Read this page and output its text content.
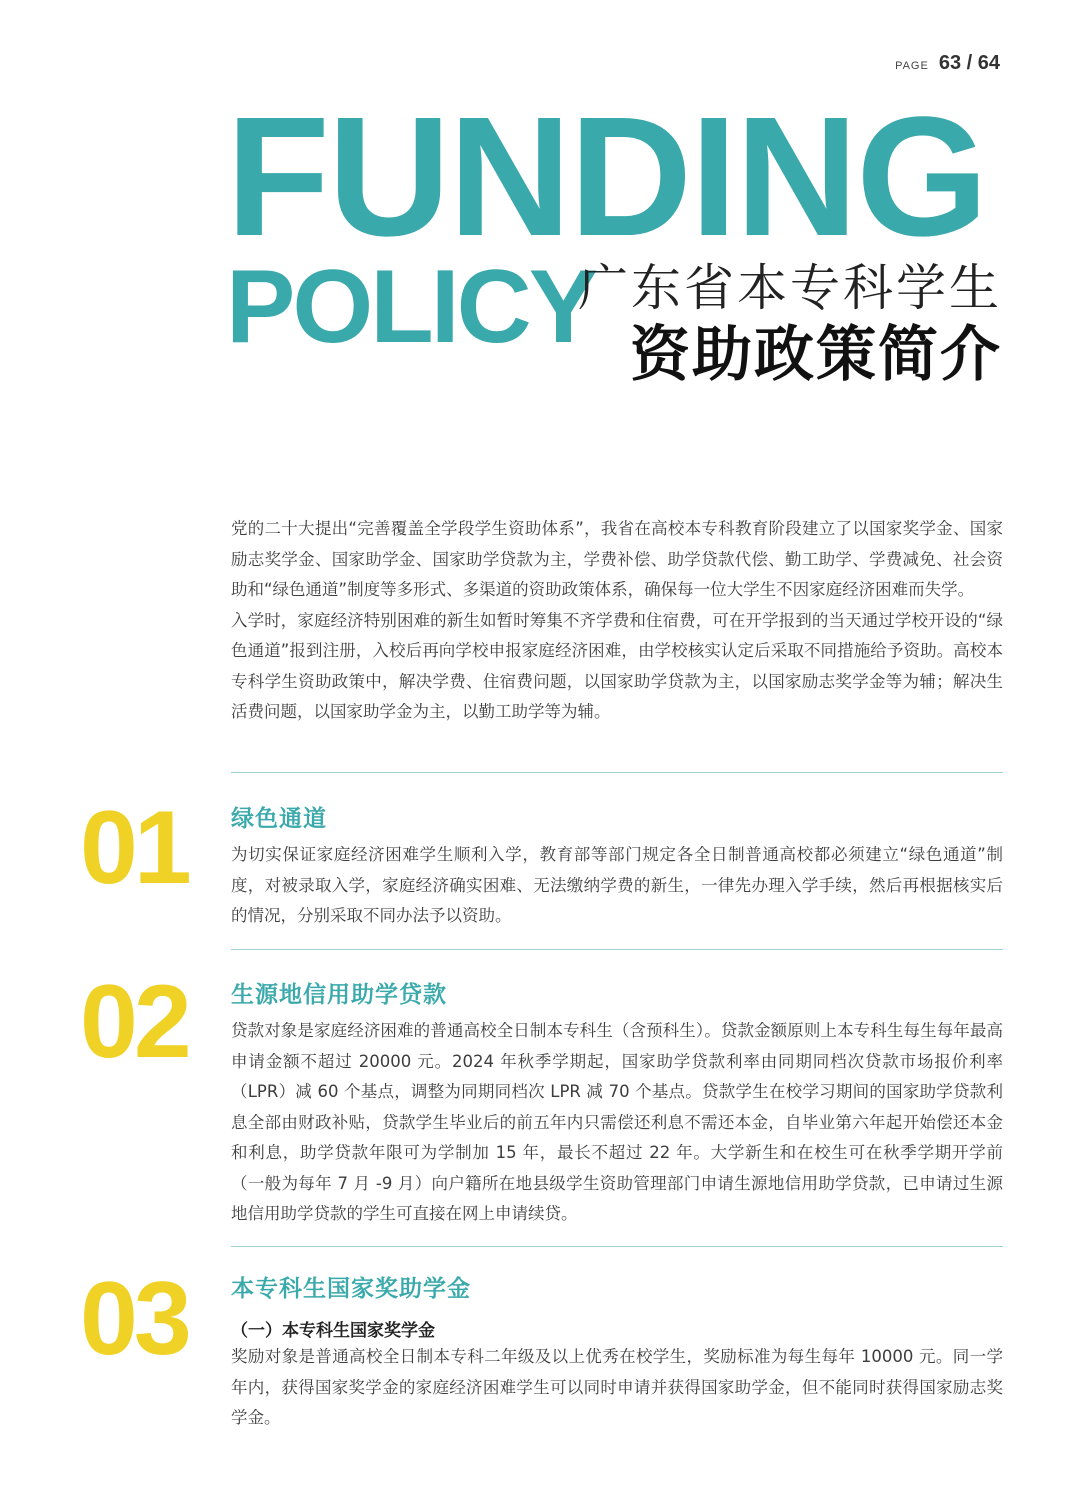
PAGE 63 / 64
FUNDING
POLICY
广东省本专科学生
资助政策简介

党的二十大提出“完善覆盖全学段学生资助体系”，我省在高校本专科教育阶段建立了以国家奖学金、国家励志奖学金、国家助学金、国家助学贷款为主，学费补偿、助学贷款代偿、勤工助学、学费减免、社会资助和“绿色通道”制度等多形式、多渠道的资助政策体系，确保每一位大学生不因家庭经济困难而失学。

入学时，家庭经济特别困难的新生如暂时筹集不齐学费和住宿费，可在开学报到的当天通过学校开设的“绿色通道”报到注册，入校后再向学校申报家庭经济困难，由学校核实认定后采取不同措施给予资助。高校本专科学生资助政策中，解决学费、住宿费问题，以国家助学贷款为主，以国家励志奖学金等为辅；解决生活费问题，以国家助学金为主，以勤工助学等为辅。

01 绿色通道

为切实保证家庭经济困难学生顺利入学，教育部等部门规定各全日制普通高校都必须建立“绿色通道”制度，对被录取入学，家庭经济确实困难、无法缴纳学费的新生，一律先办理入学手续，然后再根据核实后的情况，分别采取不同办法予以资助。

02 生源地信用助学贷款

贷款对象是家庭经济困难的普通高校全日制本专科生（含预科生）。贷款金额原则上本专科生每生每年最高申请金额不超过 20000 元。2024 年秋季学期起，国家助学贷款利率由同期同档次贷款市场报价利率（LPR）减 60 个基点，调整为同期同档次 LPR 减 70 个基点。贷款学生在校学习期间的国家助学贷款利息全部由财政补贴，贷款学生毕业后的前五年内只需偿还利息不需还本金，自毕业第六年起开始偿还本金和利息，助学贷款年限可为学制加 15 年，最长不超过 22 年。大学新生和在校生可在秋季学期开学前（一般为每年 7 月 -9 月）向户籍所在地县级学生资助管理部门申请生源地信用助学贷款，已申请过生源地信用助学贷款的学生可直接在网上申请续贷。

03 本专科生国家奖助学金
（一）本专科生国家奖学金

奖励对象是普通高校全日制本专科二年级及以上优秀在校学生，奖励标准为每生每年 10000 元。同一学年内，获得国家奖学金的家庭经济困难学生可以同时申请并获得国家助学金，但不能同时获得国家励志奖学金。
